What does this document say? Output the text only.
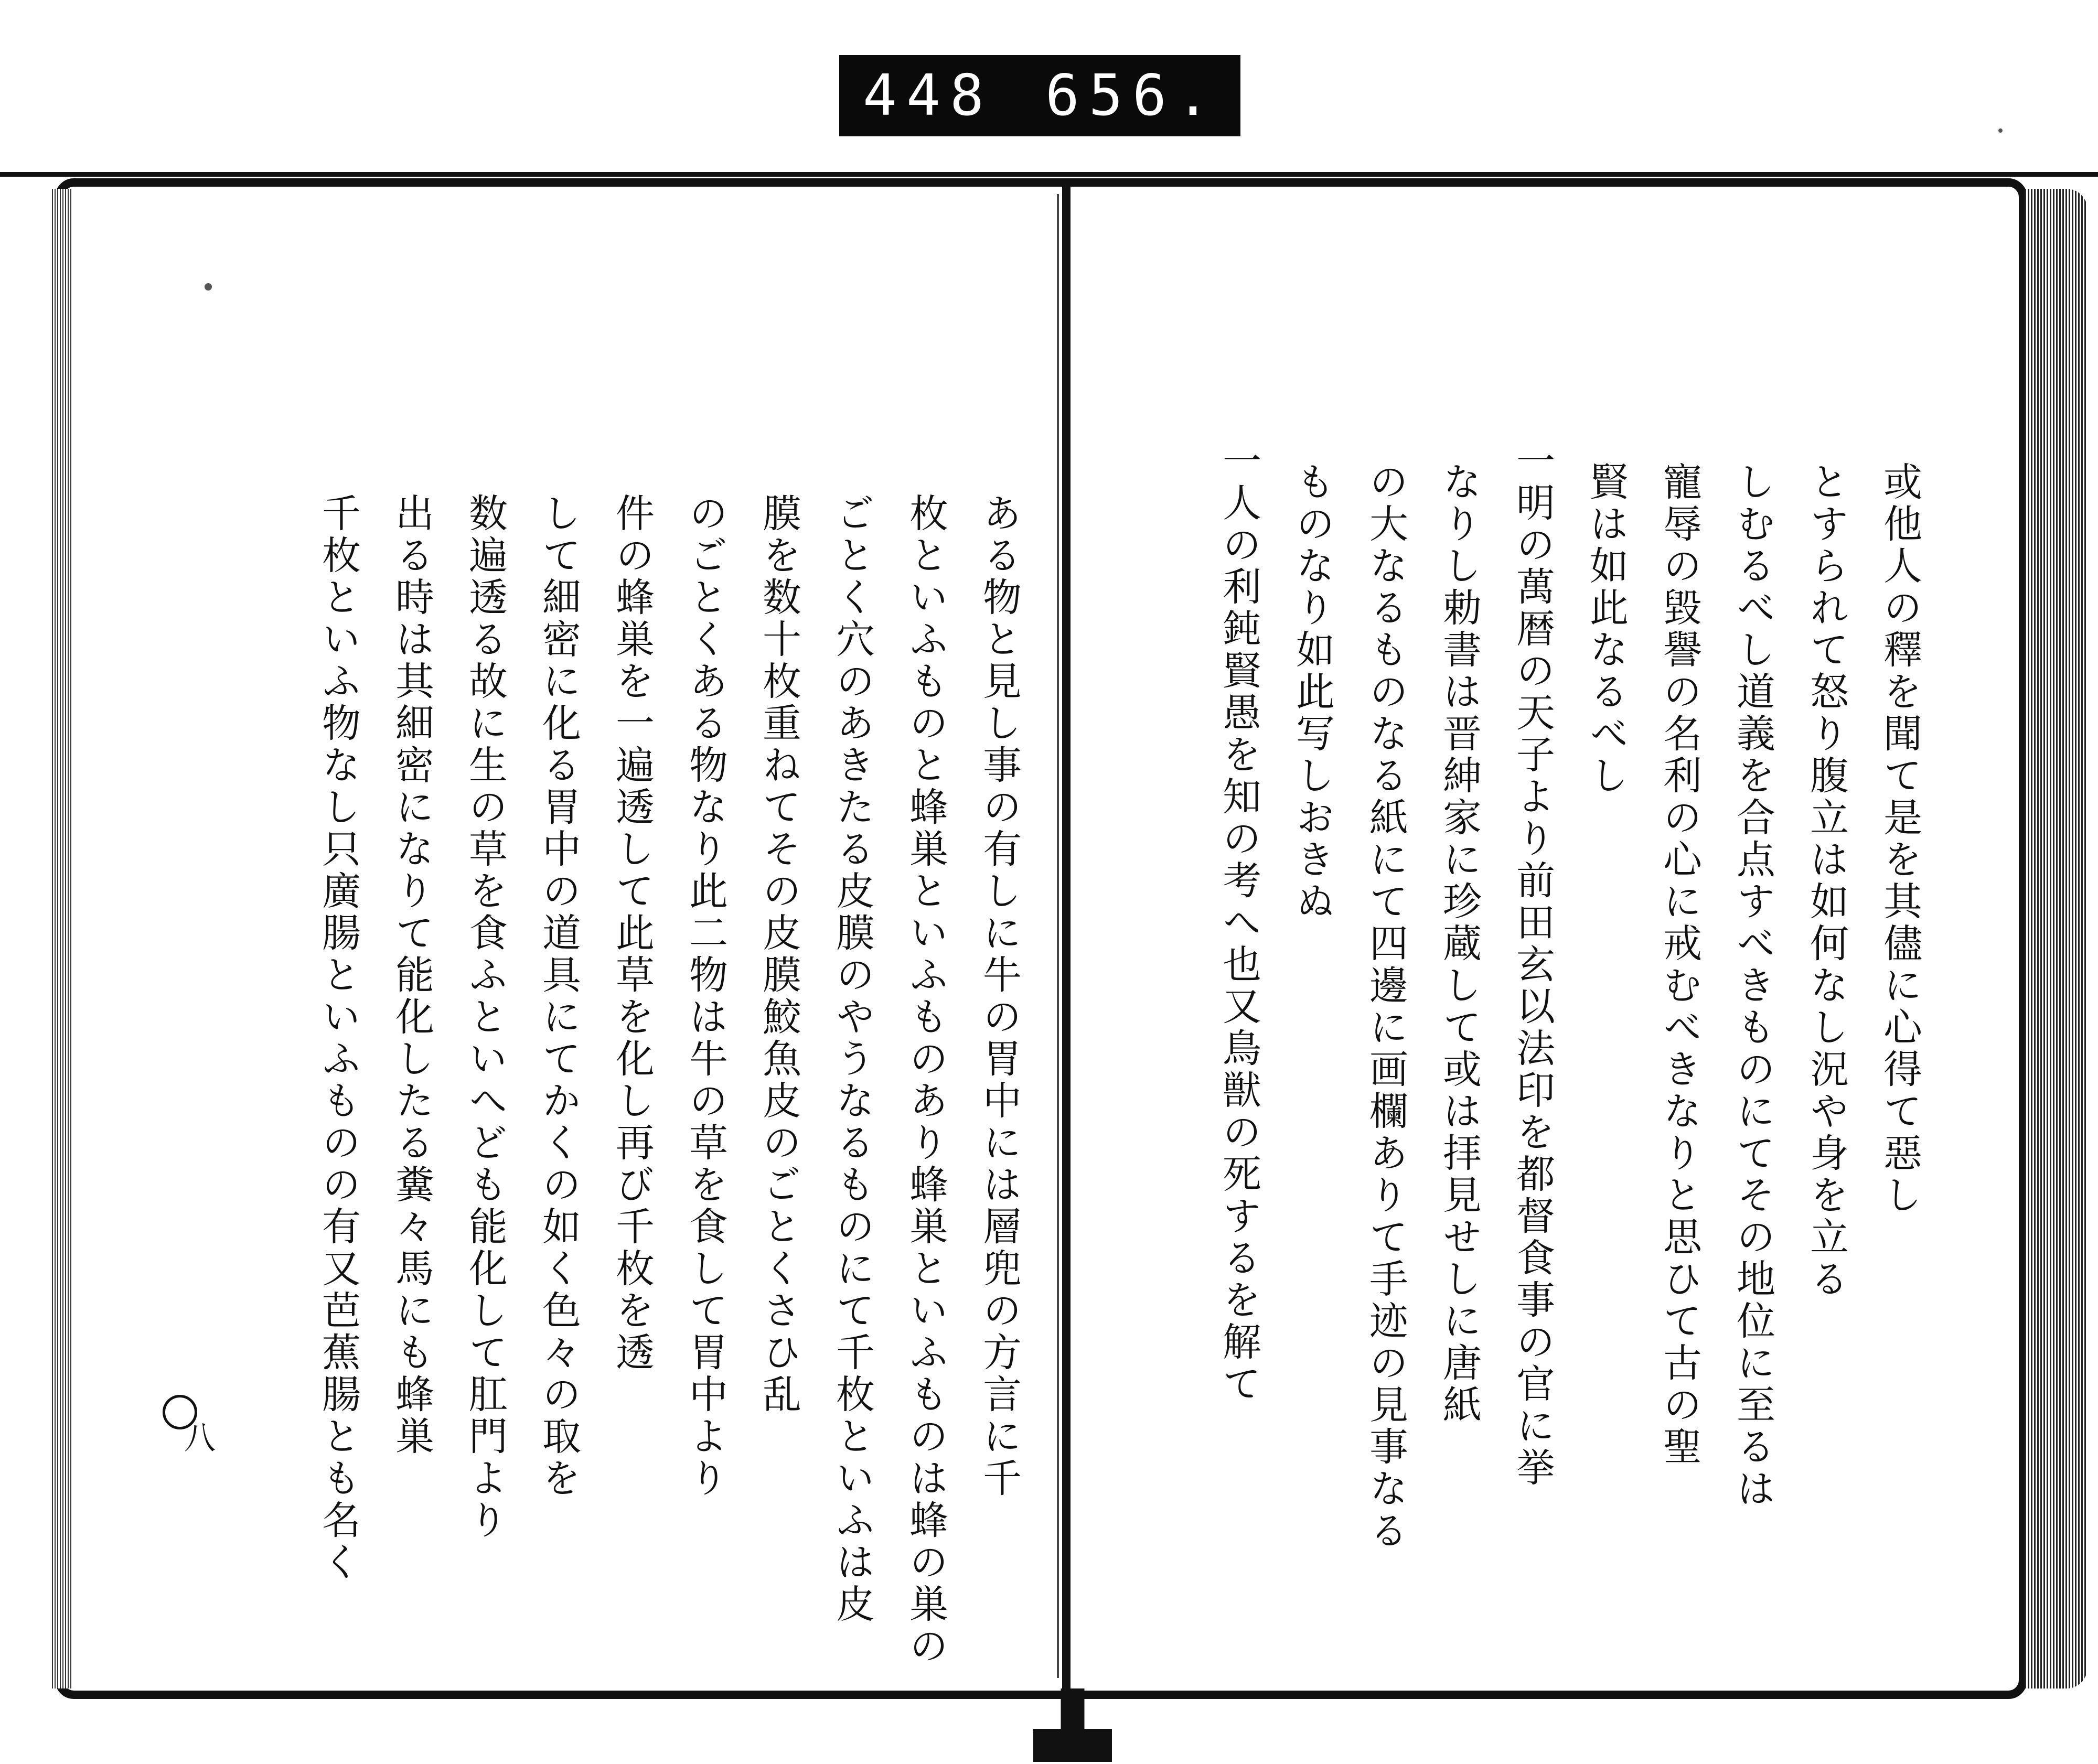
448 656.
八	ある物と見し事の有しに牛の胃中には層兜の方言に千
枚といふものと蜂巣といふものあり蜂巣といふものは蜂の巣の
ごとく穴のあきたる皮膜のやうなるものにて千枚といふは皮
膜を数十枚重ねてその皮膜鮫魚皮のごとくさひ乱
のごとくある物なり此二物は牛の草を食して胃中より
件の蜂巣を一遍透して此草を化し再び千枚を透
して細密に化る胃中の道具にてかくの如く色々の取を
数遍透る故に生の草を食ふといへども能化して肛門より
出る時は其細密になりて能化したる糞々馬にも蜂巣
千枚といふ物なし只廣腸といふものの有又芭蕉腸とも名く	或他人の釋を聞て是を其儘に心得て惡し
とすられて怒り腹立は如何なし況や身を立る
しむるべし道義を合点すべきものにてその地位に至るは
寵辱の毀譽の名利の心に戒むべきなりと思ひて古の聖
賢は如此なるべし
一明の萬暦の天子より前田玄以法印を都督食事の官に挙
なりし勅書は晋紳家に珍蔵して或は拝見せしに唐紙
の大なるものなる紙にて四邊に画欄ありて手迹の見事なる
ものなり如此写しおきぬ
一人の利鈍賢愚を知の考へ也又鳥獣の死するを解て
